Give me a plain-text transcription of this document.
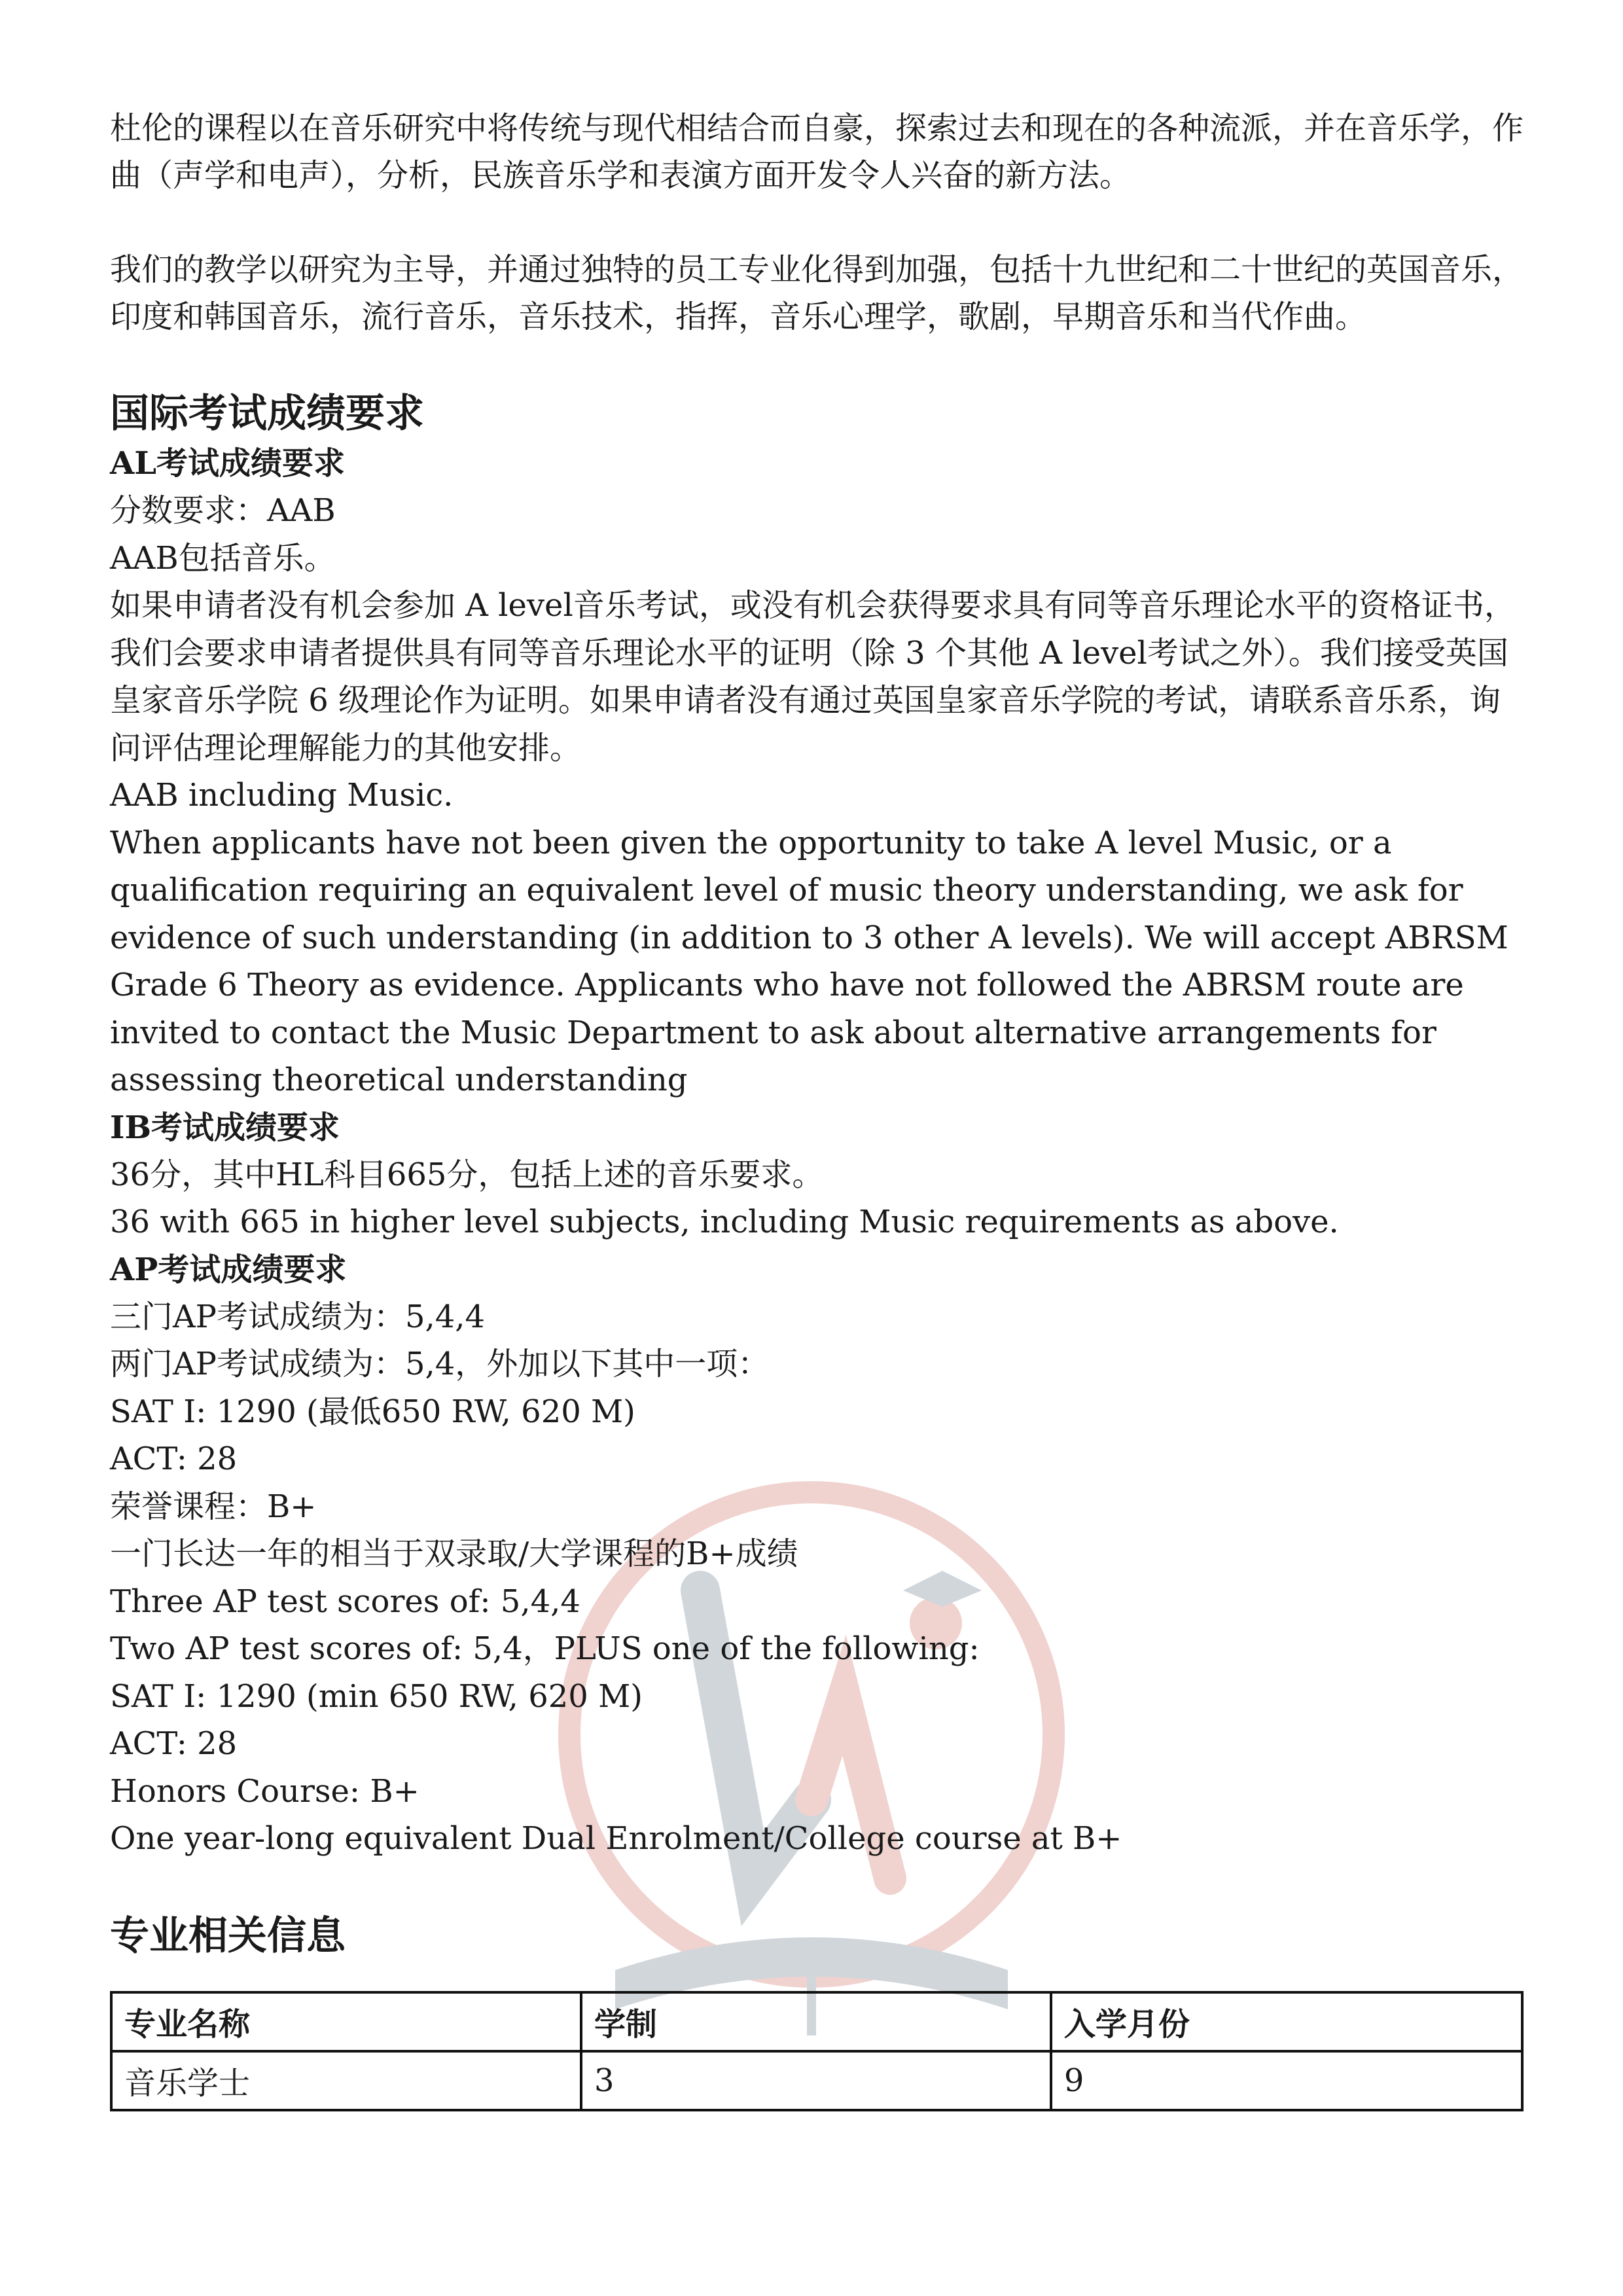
杜伦的课程以在音乐研究中将传统与现代相结合而自豪，探索过去和现在的各种流派，并在音乐学，作曲（声学和电声），分析，民族音乐学和表演方面开发令人兴奋的新方法。

我们的教学以研究为主导，并通过独特的员工专业化得到加强，包括十九世纪和二十世纪的英国音乐，印度和韩国音乐，流行音乐，音乐技术，指挥，音乐心理学，歌剧，早期音乐和当代作曲。

国际考试成绩要求
AL考试成绩要求

分数要求：AAB

AAB包括音乐。

如果申请者没有机会参加 A level音乐考试，或没有机会获得要求具有同等音乐理论水平的资格证书，我们会要求申请者提供具有同等音乐理论水平的证明（除 3 个其他 A level考试之外）。我们接受英国皇家音乐学院 6 级理论作为证明。如果申请者没有通过英国皇家音乐学院的考试，请联系音乐系，询问评估理论理解能力的其他安排。

AAB including Music.

When applicants have not been given the opportunity to take A level Music, or a qualification requiring an equivalent level of music theory understanding, we ask for evidence of such understanding (in addition to 3 other A levels). We will accept ABRSM Grade 6 Theory as evidence. Applicants who have not followed the ABRSM route are invited to contact the Music Department to ask about alternative arrangements for assessing theoretical understanding

IB考试成绩要求

36分，其中HL科目665分，包括上述的音乐要求。

36 with 665 in higher level subjects, including Music requirements as above.

AP考试成绩要求

三门AP考试成绩为：5,4,4

两门AP考试成绩为：5,4，外加以下其中一项：

SAT I: 1290 (最低650 RW, 620 M)

ACT: 28

荣誉课程：B+

一门长达一年的相当于双录取/大学课程的B+成绩

Three AP test scores of: 5,4,4

Two AP test scores of: 5,4，PLUS one of the following:

SAT I: 1290 (min 650 RW, 620 M)

ACT: 28

Honors Course: B+

One year-long equivalent Dual Enrolment/College course at B+

专业相关信息
专业名称	学制	入学月份
音乐学士	3	9
